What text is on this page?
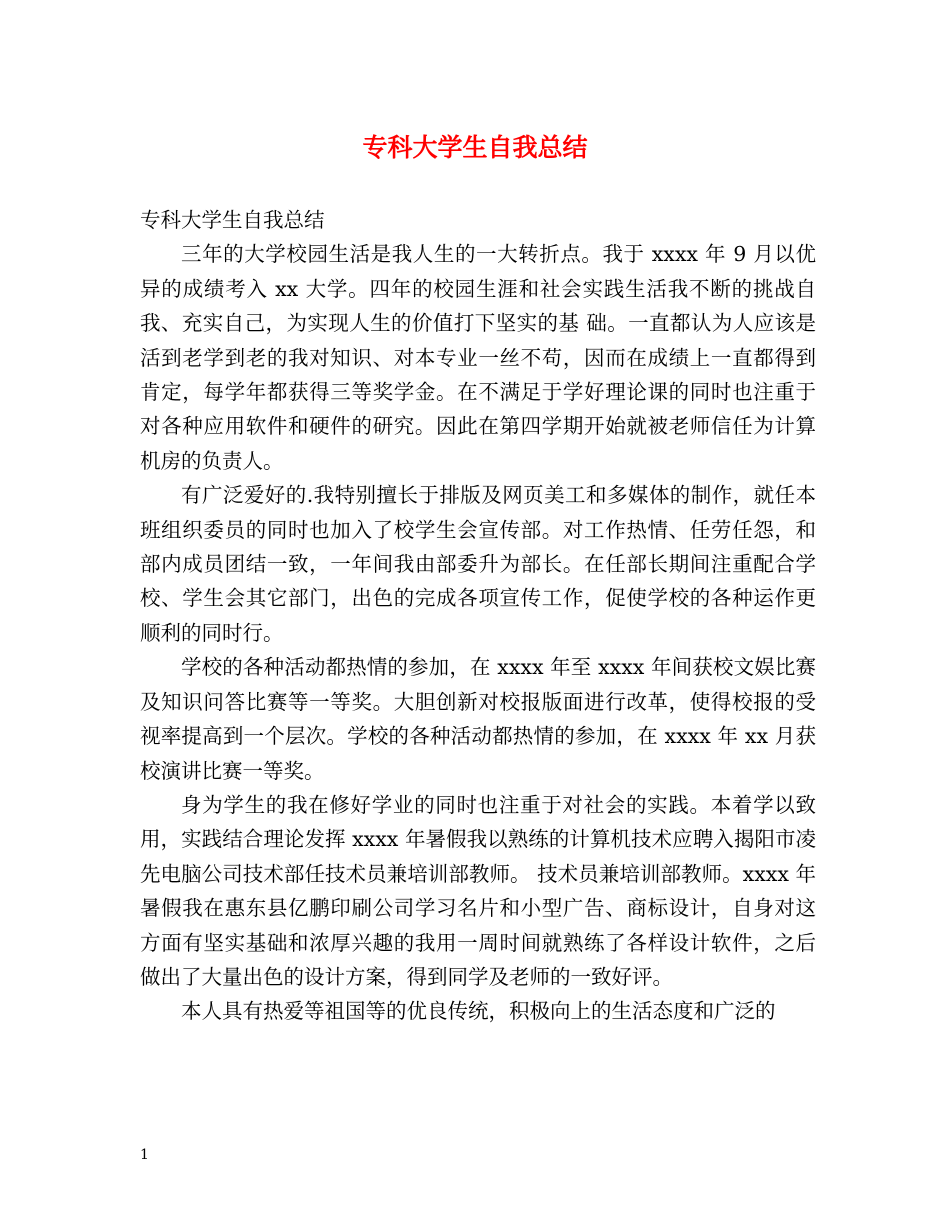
专科大学生自我总结

专科大学生自我总结

三年的大学校园生活是我人生的一大转折点。我于 xxxx 年 9 月以优异的成绩考入 xx 大学。四年的校园生涯和社会实践生活我不断的挑战自我、充实自己，为实现人生的价值打下坚实的基 础。一直都认为人应该是活到老学到老的我对知识、对本专业一丝不苟，因而在成绩上一直都得到肯定，每学年都获得三等奖学金。在不满足于学好理论课的同时也注重于对各种应用软件和硬件的研究。因此在第四学期开始就被老师信任为计算机房的负责人。

有广泛爱好的.我特别擅长于排版及网页美工和多媒体的制作，就任本班组织委员的同时也加入了校学生会宣传部。对工作热情、任劳任怨，和部内成员团结一致，一年间我由部委升为部长。在任部长期间注重配合学校、学生会其它部门，出色的完成各项宣传工作，促使学校的各种运作更顺利的同时行。

学校的各种活动都热情的参加，在 xxxx 年至 xxxx 年间获校文娱比赛及知识问答比赛等一等奖。大胆创新对校报版面进行改革，使得校报的受视率提高到一个层次。学校的各种活动都热情的参加，在 xxxx 年 xx 月获校演讲比赛一等奖。

身为学生的我在修好学业的同时也注重于对社会的实践。本着学以致用，实践结合理论发挥 xxxx 年暑假我以熟练的计算机技术应聘入揭阳市凌先电脑公司技术部任技术员兼培训部教师。 技术员兼培训部教师。xxxx 年暑假我在惠东县亿鹏印刷公司学习名片和小型广告、商标设计，自身对这方面有坚实基础和浓厚兴趣的我用一周时间就熟练了各样设计软件，之后做出了大量出色的设计方案，得到同学及老师的一致好评。

本人具有热爱等祖国等的优良传统，积极向上的生活态度和广泛的

1
